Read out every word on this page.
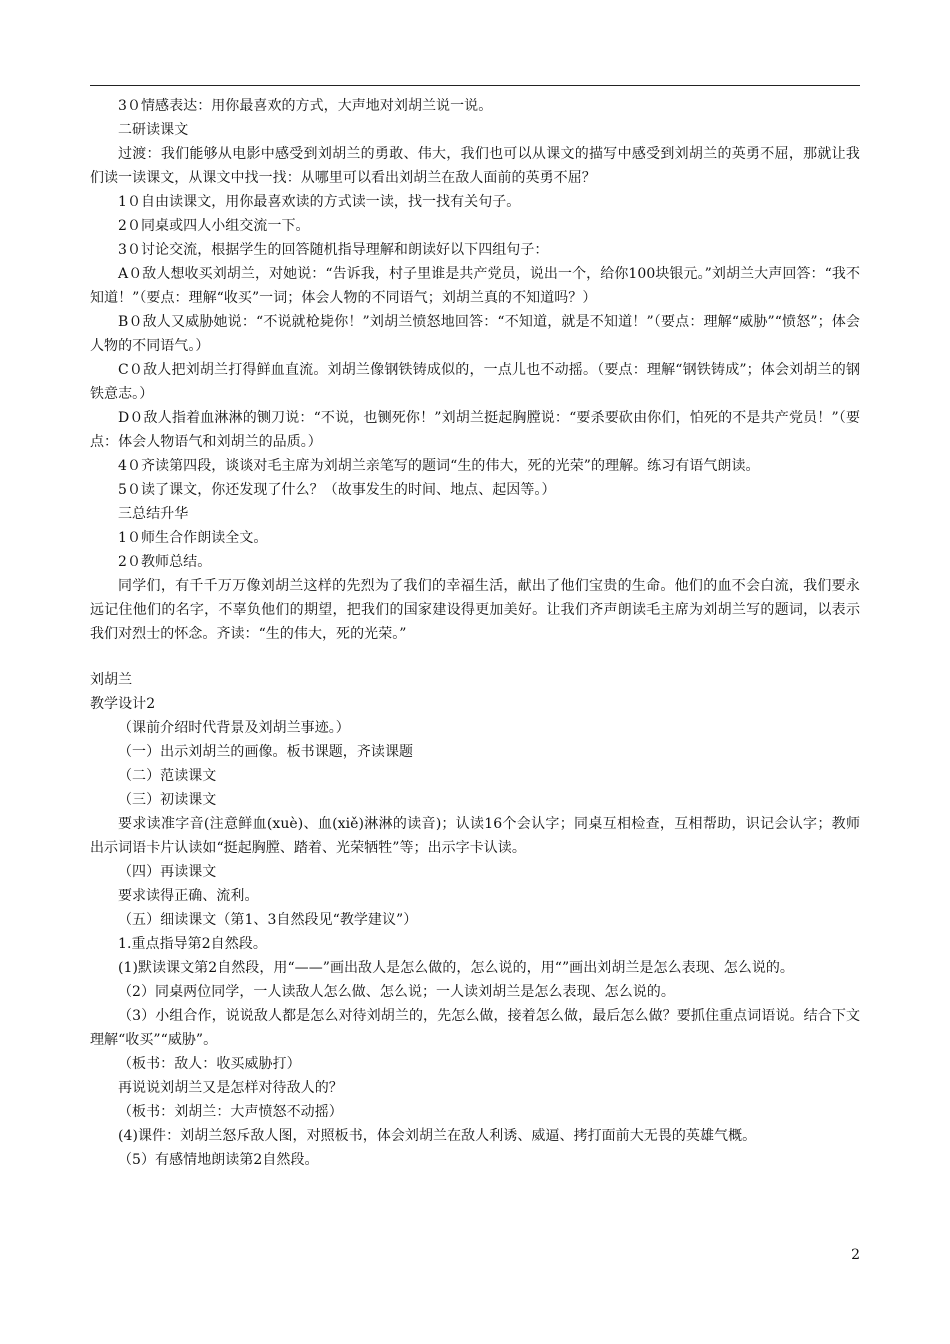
3０情感表达：用你最喜欢的方式，大声地对刘胡兰说一说。

二研读课文

过渡：我们能够从电影中感受到刘胡兰的勇敢、伟大，我们也可以从课文的描写中感受到刘胡兰的英勇不屈，那就让我们读一读课文，从课文中找一找：从哪里可以看出刘胡兰在敌人面前的英勇不屈？

1０自由读课文，用你最喜欢读的方式读一读，找一找有关句子。

2０同桌或四人小组交流一下。

3０讨论交流，根据学生的回答随机指导理解和朗读好以下四组句子：

A０敌人想收买刘胡兰，对她说：“告诉我，村子里谁是共产党员，说出一个，给你100块银元。”刘胡兰大声回答：“我不知道！”（要点：理解“收买”一词；体会人物的不同语气；刘胡兰真的不知道吗？）

B０敌人又威胁她说：“不说就枪毙你！”刘胡兰愤怒地回答：“不知道，就是不知道！”（要点：理解“威胁”“愤怒”；体会人物的不同语气。）

C０敌人把刘胡兰打得鲜血直流。刘胡兰像钢铁铸成似的，一点儿也不动摇。（要点：理解“钢铁铸成”；体会刘胡兰的钢铁意志。）

D０敌人指着血淋淋的铡刀说：“不说，也铡死你！”刘胡兰挺起胸膛说：“要杀要砍由你们，怕死的不是共产党员！”（要点：体会人物语气和刘胡兰的品质。）

4０齐读第四段，谈谈对毛主席为刘胡兰亲笔写的题词“生的伟大，死的光荣”的理解。练习有语气朗读。

5０读了课文，你还发现了什么？（故事发生的时间、地点、起因等。）

三总结升华

1０师生合作朗读全文。

2０教师总结。

同学们，有千千万万像刘胡兰这样的先烈为了我们的幸福生活，献出了他们宝贵的生命。他们的血不会白流，我们要永远记住他们的名字，不辜负他们的期望，把我们的国家建设得更加美好。让我们齐声朗读毛主席为刘胡兰写的题词，以表示我们对烈士的怀念。齐读：“生的伟大，死的光荣。”

刘胡兰

教学设计2

（课前介绍时代背景及刘胡兰事迹。）

（一）出示刘胡兰的画像。板书课题，齐读课题

（二）范读课文

（三）初读课文

要求读准字音(注意鲜血(xuè)、血(xiě)淋淋的读音)；认读16个会认字；同桌互相检查，互相帮助，识记会认字；教师出示词语卡片认读如“挺起胸膛、踏着、光荣牺牲”等；出示字卡认读。

（四）再读课文

要求读得正确、流利。

（五）细读课文（第1、3自然段见“教学建议”）

1.重点指导第2自然段。

(1)默读课文第2自然段，用“——”画出敌人是怎么做的，怎么说的，用“”画出刘胡兰是怎么表现、怎么说的。

（2）同桌两位同学，一人读敌人怎么做、怎么说；一人读刘胡兰是怎么表现、怎么说的。

（3）小组合作，说说敌人都是怎么对待刘胡兰的，先怎么做，接着怎么做，最后怎么做？要抓住重点词语说。结合下文理解“收买”“威胁”。

（板书：敌人：收买威胁打）

再说说刘胡兰又是怎样对待敌人的？

（板书：刘胡兰：大声愤怒不动摇）

(4)课件：刘胡兰怒斥敌人图，对照板书，体会刘胡兰在敌人利诱、威逼、拷打面前大无畏的英雄气概。

（5）有感情地朗读第2自然段。

2
